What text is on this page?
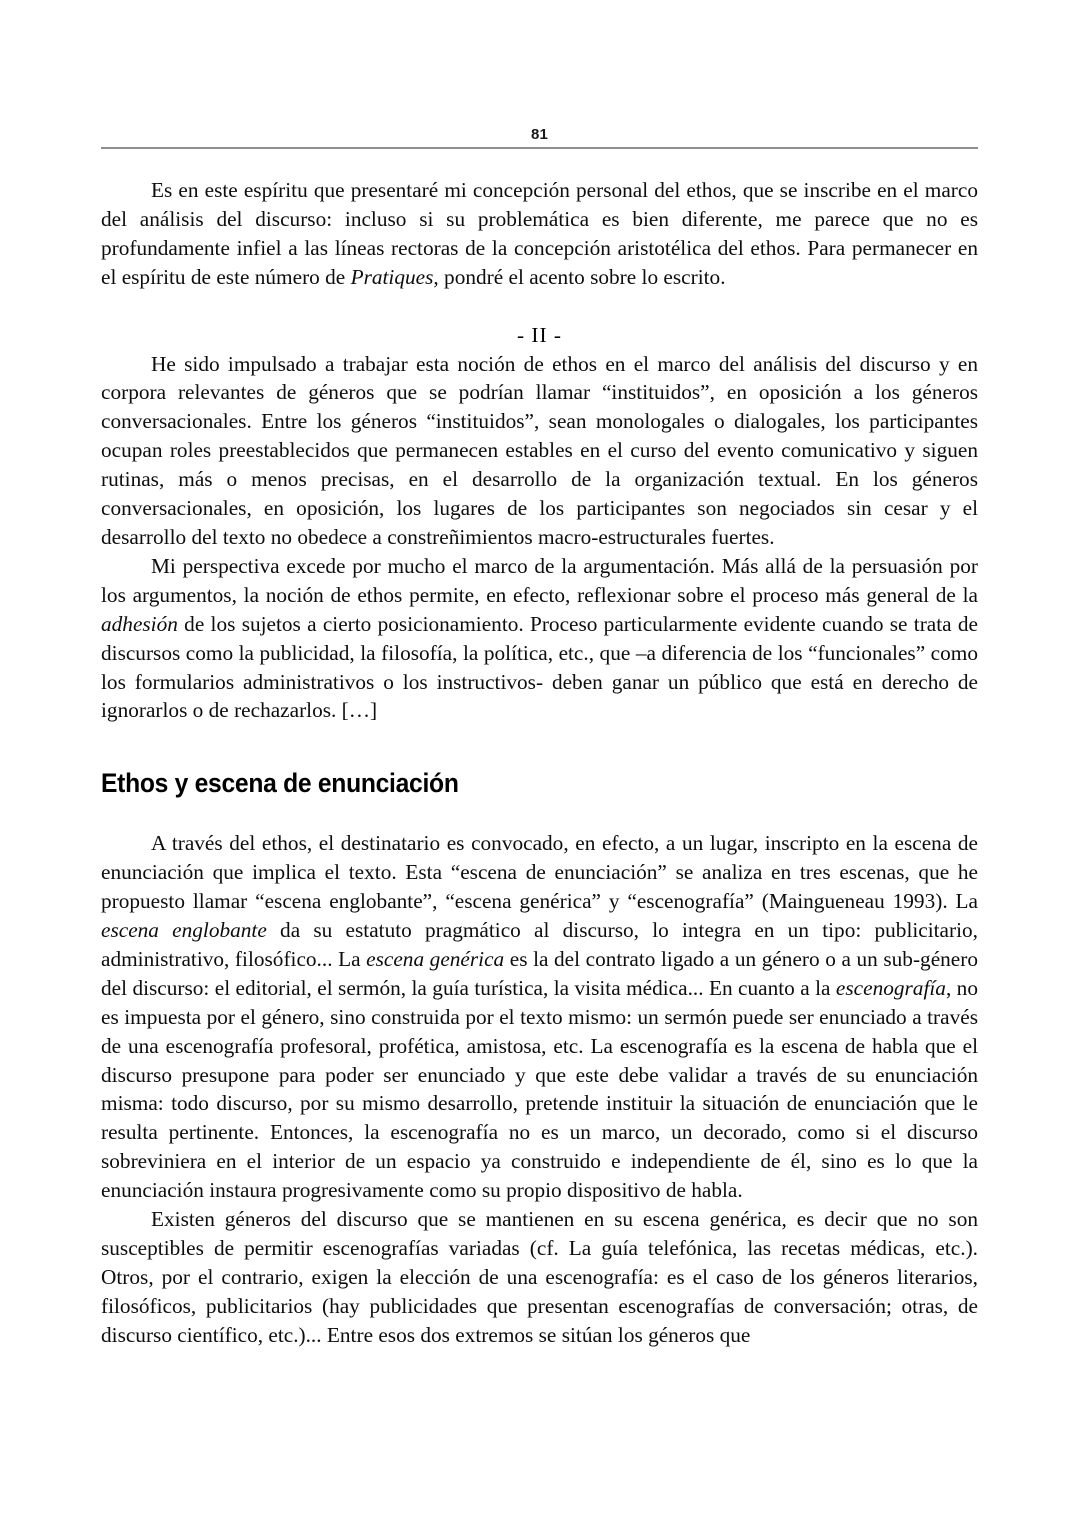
81

Es en este espíritu que presentaré mi concepción personal del ethos, que se inscribe en el marco del análisis del discurso: incluso si su problemática es bien diferente, me parece que no es profundamente infiel a las líneas rectoras de la concepción aristotélica del ethos. Para permanecer en el espíritu de este número de Pratiques, pondré el acento sobre lo escrito.

- II -

He sido impulsado a trabajar esta noción de ethos en el marco del análisis del discurso y en corpora relevantes de géneros que se podrían llamar “instituidos”, en oposición a los géneros conversacionales. Entre los géneros “instituidos”, sean monologales o dialogales, los participantes ocupan roles preestablecidos que permanecen estables en el curso del evento comunicativo y siguen rutinas, más o menos precisas, en el desarrollo de la organización textual. En los géneros conversacionales, en oposición, los lugares de los participantes son negociados sin cesar y el desarrollo del texto no obedece a constreñimientos macro-estructurales fuertes.

Mi perspectiva excede por mucho el marco de la argumentación. Más allá de la persuasión por los argumentos, la noción de ethos permite, en efecto, reflexionar sobre el proceso más general de la adhesión de los sujetos a cierto posicionamiento. Proceso particularmente evidente cuando se trata de discursos como la publicidad, la filosofía, la política, etc., que –a diferencia de los “funcionales” como los formularios administrativos o los instructivos- deben ganar un público que está en derecho de ignorarlos o de rechazarlos. […]

Ethos y escena de enunciación

A través del ethos, el destinatario es convocado, en efecto, a un lugar, inscripto en la escena de enunciación que implica el texto. Esta “escena de enunciación” se analiza en tres escenas, que he propuesto llamar “escena englobante”, “escena genérica” y “escenografía” (Maingueneau 1993). La escena englobante da su estatuto pragmático al discurso, lo integra en un tipo: publicitario, administrativo, filosófico... La escena genérica es la del contrato ligado a un género o a un sub-género del discurso: el editorial, el sermón, la guía turística, la visita médica... En cuanto a la escenografía, no es impuesta por el género, sino construida por el texto mismo: un sermón puede ser enunciado a través de una escenografía profesoral, profética, amistosa, etc. La escenografía es la escena de habla que el discurso presupone para poder ser enunciado y que este debe validar a través de su enunciación misma: todo discurso, por su mismo desarrollo, pretende instituir la situación de enunciación que le resulta pertinente. Entonces, la escenografía no es un marco, un decorado, como si el discurso sobreviniera en el interior de un espacio ya construido e independiente de él, sino es lo que la enunciación instaura progresivamente como su propio dispositivo de habla.

Existen géneros del discurso que se mantienen en su escena genérica, es decir que no son susceptibles de permitir escenografías variadas (cf. La guía telefónica, las recetas médicas, etc.). Otros, por el contrario, exigen la elección de una escenografía: es el caso de los géneros literarios, filosóficos, publicitarios (hay publicidades que presentan escenografías de conversación; otras, de discurso científico, etc.)... Entre esos dos extremos se sitúan los géneros que
